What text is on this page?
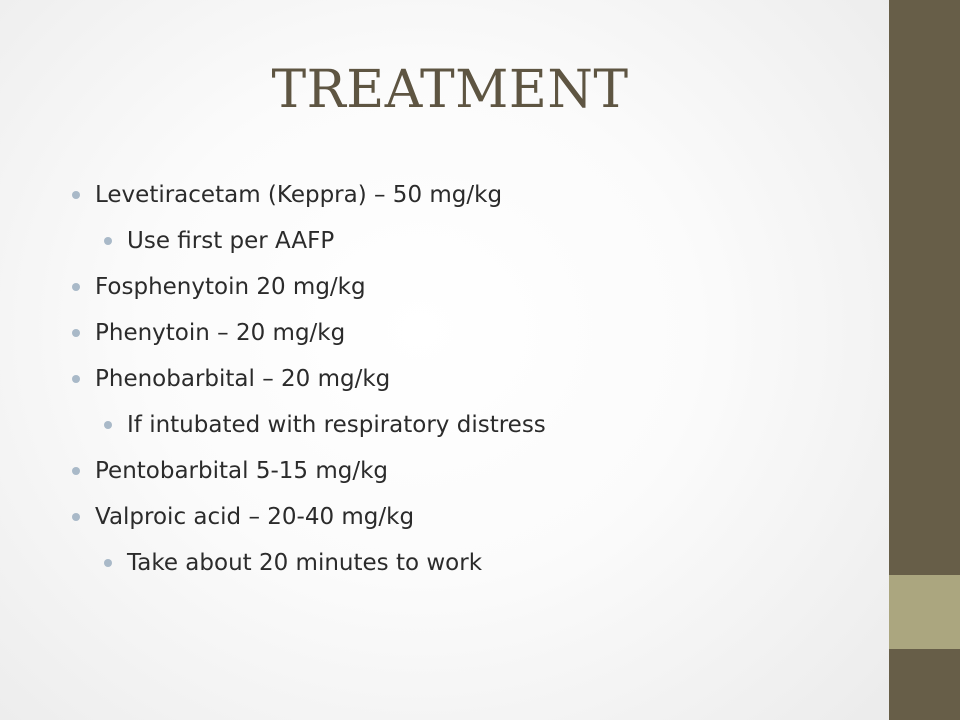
TREATMENT
Levetiracetam (Keppra) – 50 mg/kg
Use first per AAFP
Fosphenytoin 20 mg/kg
Phenytoin – 20 mg/kg
Phenobarbital – 20 mg/kg
If intubated with respiratory distress
Pentobarbital 5-15 mg/kg
Valproic acid – 20-40 mg/kg
Take about 20 minutes to work
